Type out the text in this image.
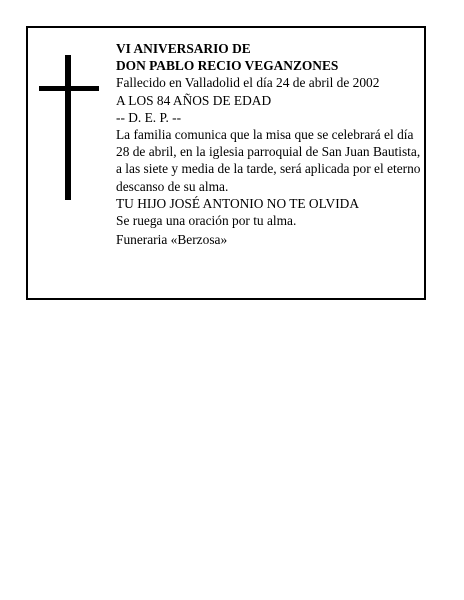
VI ANIVERSARIO DE

DON PABLO RECIO VEGANZONES

Fallecido en Valladolid el día 24 de abril de 2002

A LOS 84 AÑOS DE EDAD

-- D. E. P. --

La familia comunica que la misa que se celebrará el día 28 de abril, en la iglesia parroquial de San Juan Bautista, a las siete y media de la tarde, será aplicada por el eterno descanso de su alma.

TU HIJO JOSÉ ANTONIO NO TE OLVIDA

Se ruega una oración por tu alma.

Funeraria «Berzosa»
